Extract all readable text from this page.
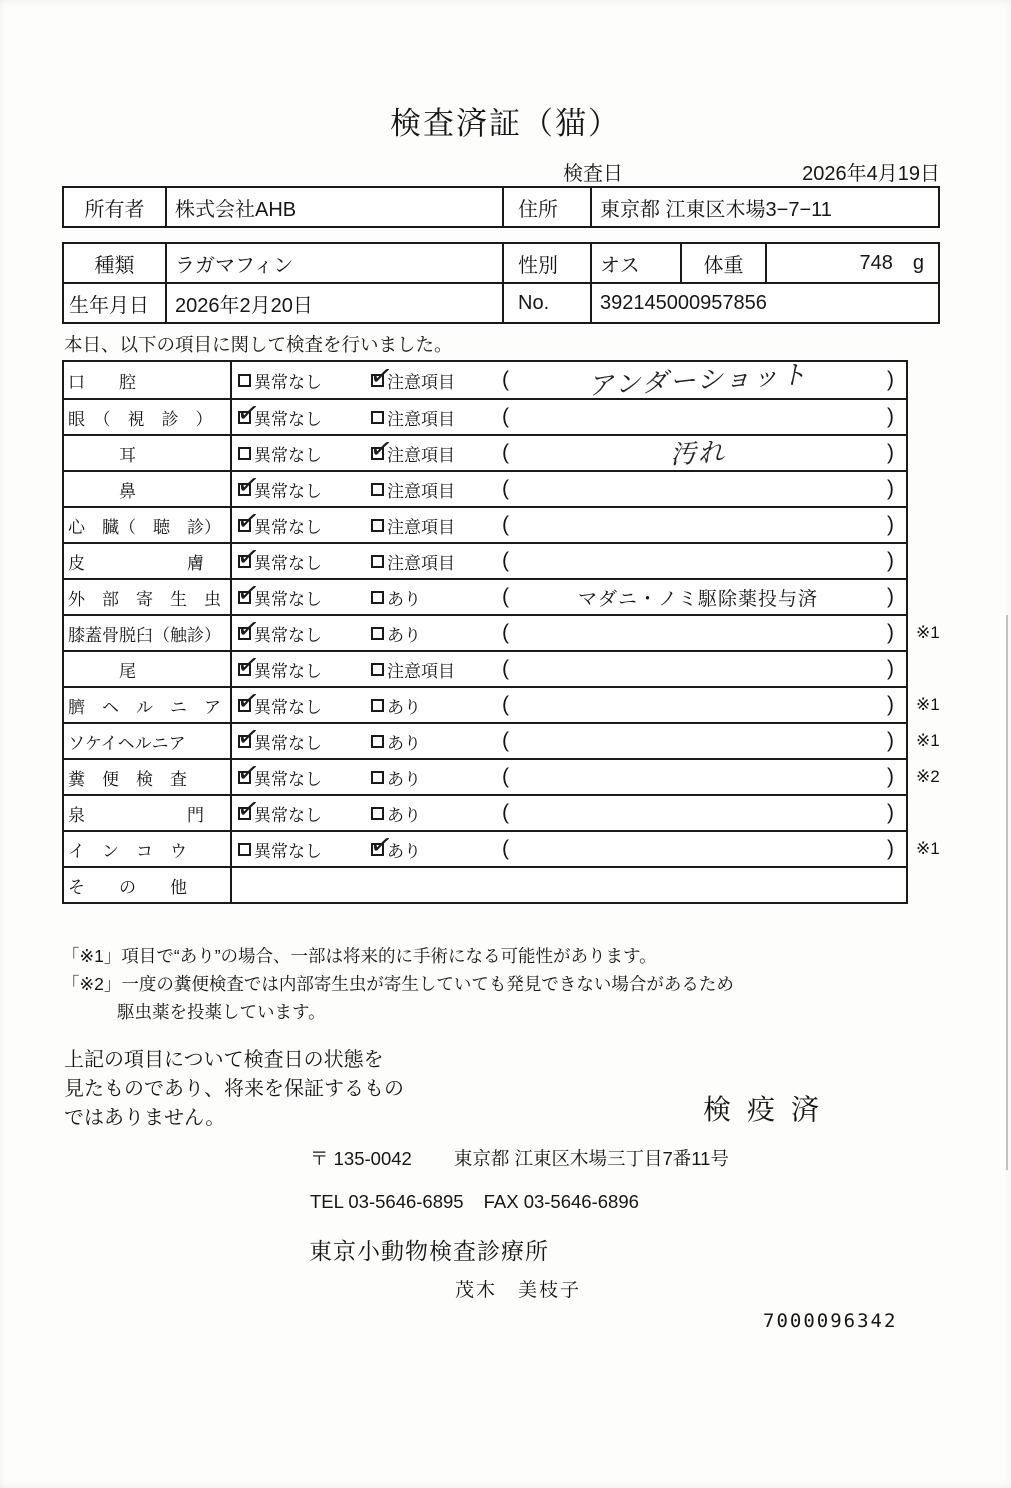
検査済証（猫）
検査日	2026年4月19日
所有者	株式会社AHB	住所	東京都 江東区木場3−7−11
種類	ラガマフィン	性別	オス	体重	748 g
生年月日	2026年2月20日	No.	392145000957856
本日、以下の項目に関して検査を行いました。
口　　腔	異常なし ✓	注意項目 (	アンダーショット	)
眼　（　視　診　） ✓	異常なし	注意項目 (	)
　　　耳	異常なし ✓	注意項目 (	汚れ	)
　　　鼻 ✓	異常なし	注意項目 (	)
心　臓（　聴　診） ✓	異常なし	注意項目 (	)
皮　　　　　　膚 ✓	異常なし	注意項目 (	)
外　部　寄　生　虫 ✓	異常なし	あり	(	マダニ・ノミ駆除薬投与済	)
膝蓋骨脱臼（触診） ✓	異常なし	あり	(	) ※1
　　　尾 ✓	異常なし	注意項目 (	)
臍　ヘ　ル　ニ　ア ✓	異常なし	あり	(	) ※1
ソケイヘルニア ✓	異常なし	あり	(	) ※1
糞　便　検　査 ✓	異常なし	あり	(	) ※2
泉　　　　　　門 ✓	異常なし	あり	(	)
イ　ン　コ　ウ	異常なし ✓	あり	(	) ※1
そ　　の　　他
「※1」項目で“あり”の場合、一部は将来的に手術になる可能性があります。
「※2」一度の糞便検査では内部寄生虫が寄生していても発見できない場合があるため
駆虫薬を投薬しています。
上記の項目について検査日の状態を
見たものであり、将来を保証するもの
ではありません。	検疫済
〒 135-0042 東京都 江東区木場三丁目7番11号
TEL 03-5646-6895 FAX 03-5646-6896
東京小動物検査診療所
茂木　美枝子
7000096342
